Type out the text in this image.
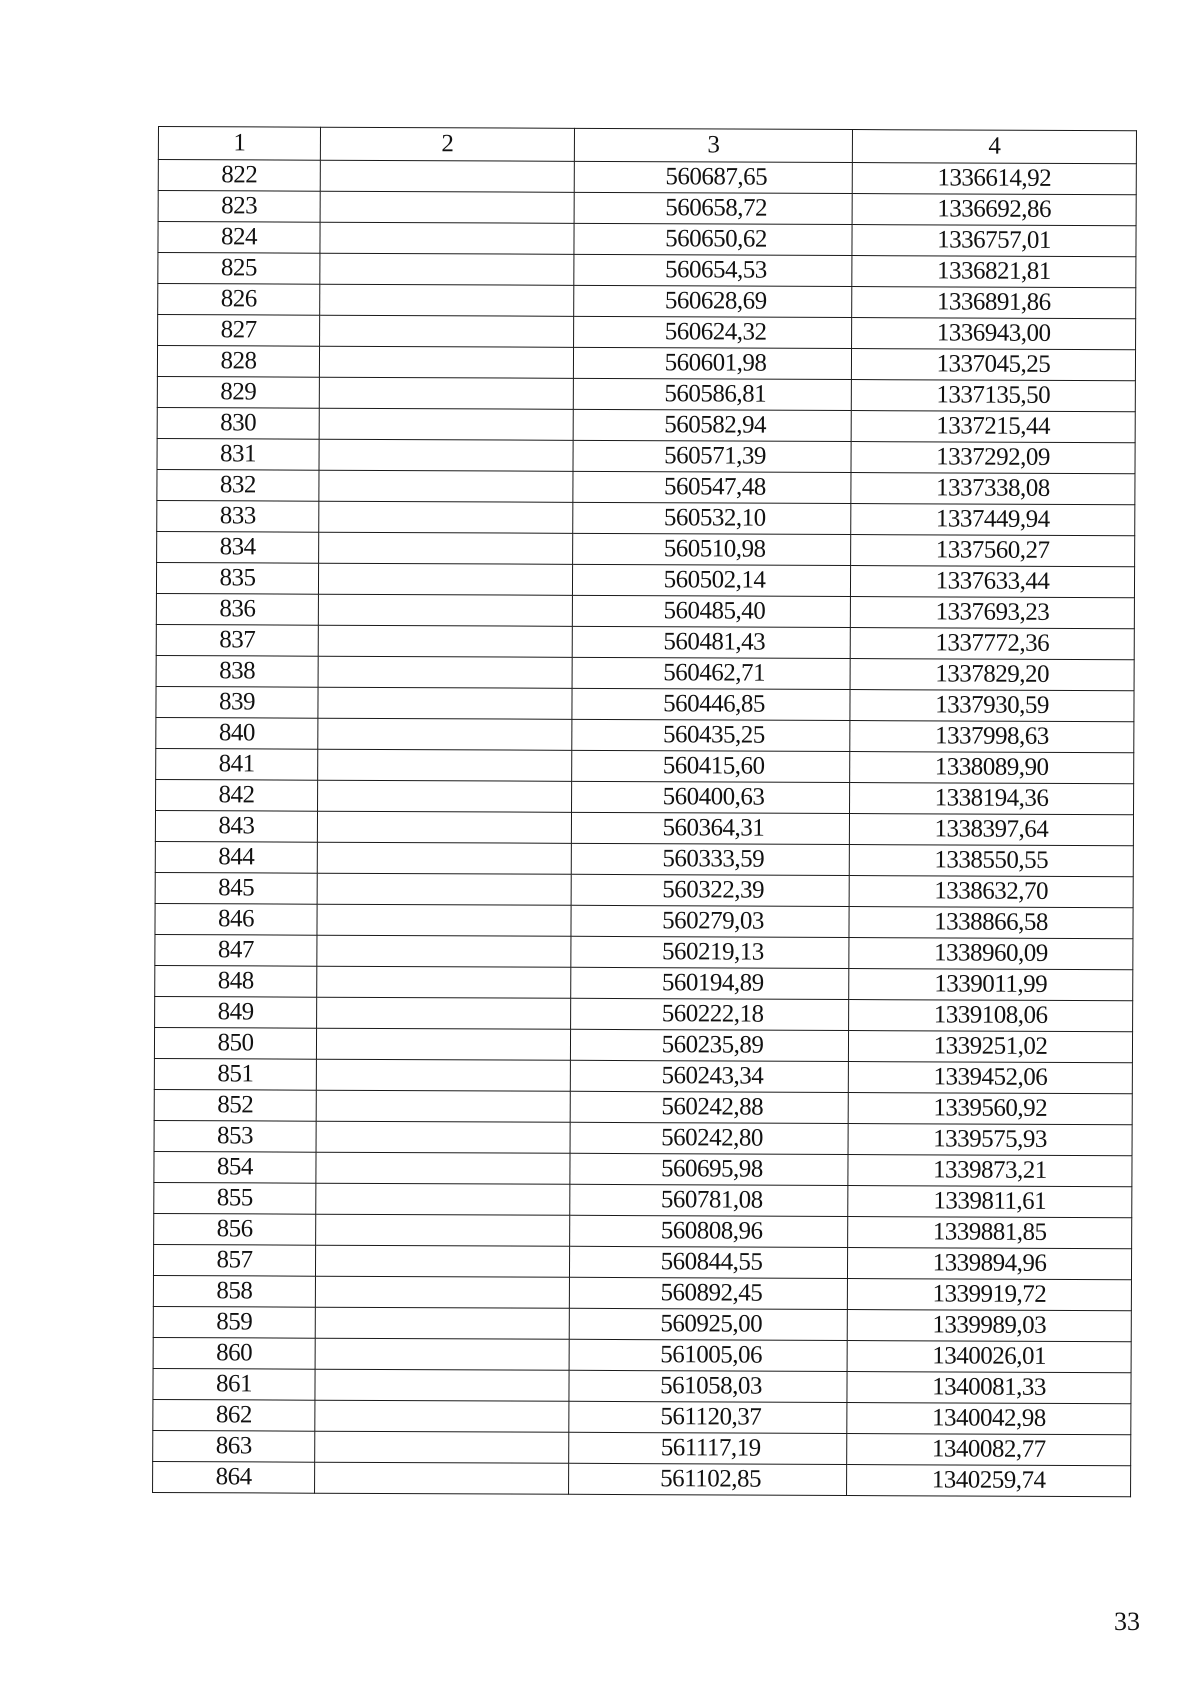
1	2	3	4
822		560687,65	1336614,92
823		560658,72	1336692,86
824		560650,62	1336757,01
825		560654,53	1336821,81
826		560628,69	1336891,86
827		560624,32	1336943,00
828		560601,98	1337045,25
829		560586,81	1337135,50
830		560582,94	1337215,44
831		560571,39	1337292,09
832		560547,48	1337338,08
833		560532,10	1337449,94
834		560510,98	1337560,27
835		560502,14	1337633,44
836		560485,40	1337693,23
837		560481,43	1337772,36
838		560462,71	1337829,20
839		560446,85	1337930,59
840		560435,25	1337998,63
841		560415,60	1338089,90
842		560400,63	1338194,36
843		560364,31	1338397,64
844		560333,59	1338550,55
845		560322,39	1338632,70
846		560279,03	1338866,58
847		560219,13	1338960,09
848		560194,89	1339011,99
849		560222,18	1339108,06
850		560235,89	1339251,02
851		560243,34	1339452,06
852		560242,88	1339560,92
853		560242,80	1339575,93
854		560695,98	1339873,21
855		560781,08	1339811,61
856		560808,96	1339881,85
857		560844,55	1339894,96
858		560892,45	1339919,72
859		560925,00	1339989,03
860		561005,06	1340026,01
861		561058,03	1340081,33
862		561120,37	1340042,98
863		561117,19	1340082,77
864		561102,85	1340259,74
33
